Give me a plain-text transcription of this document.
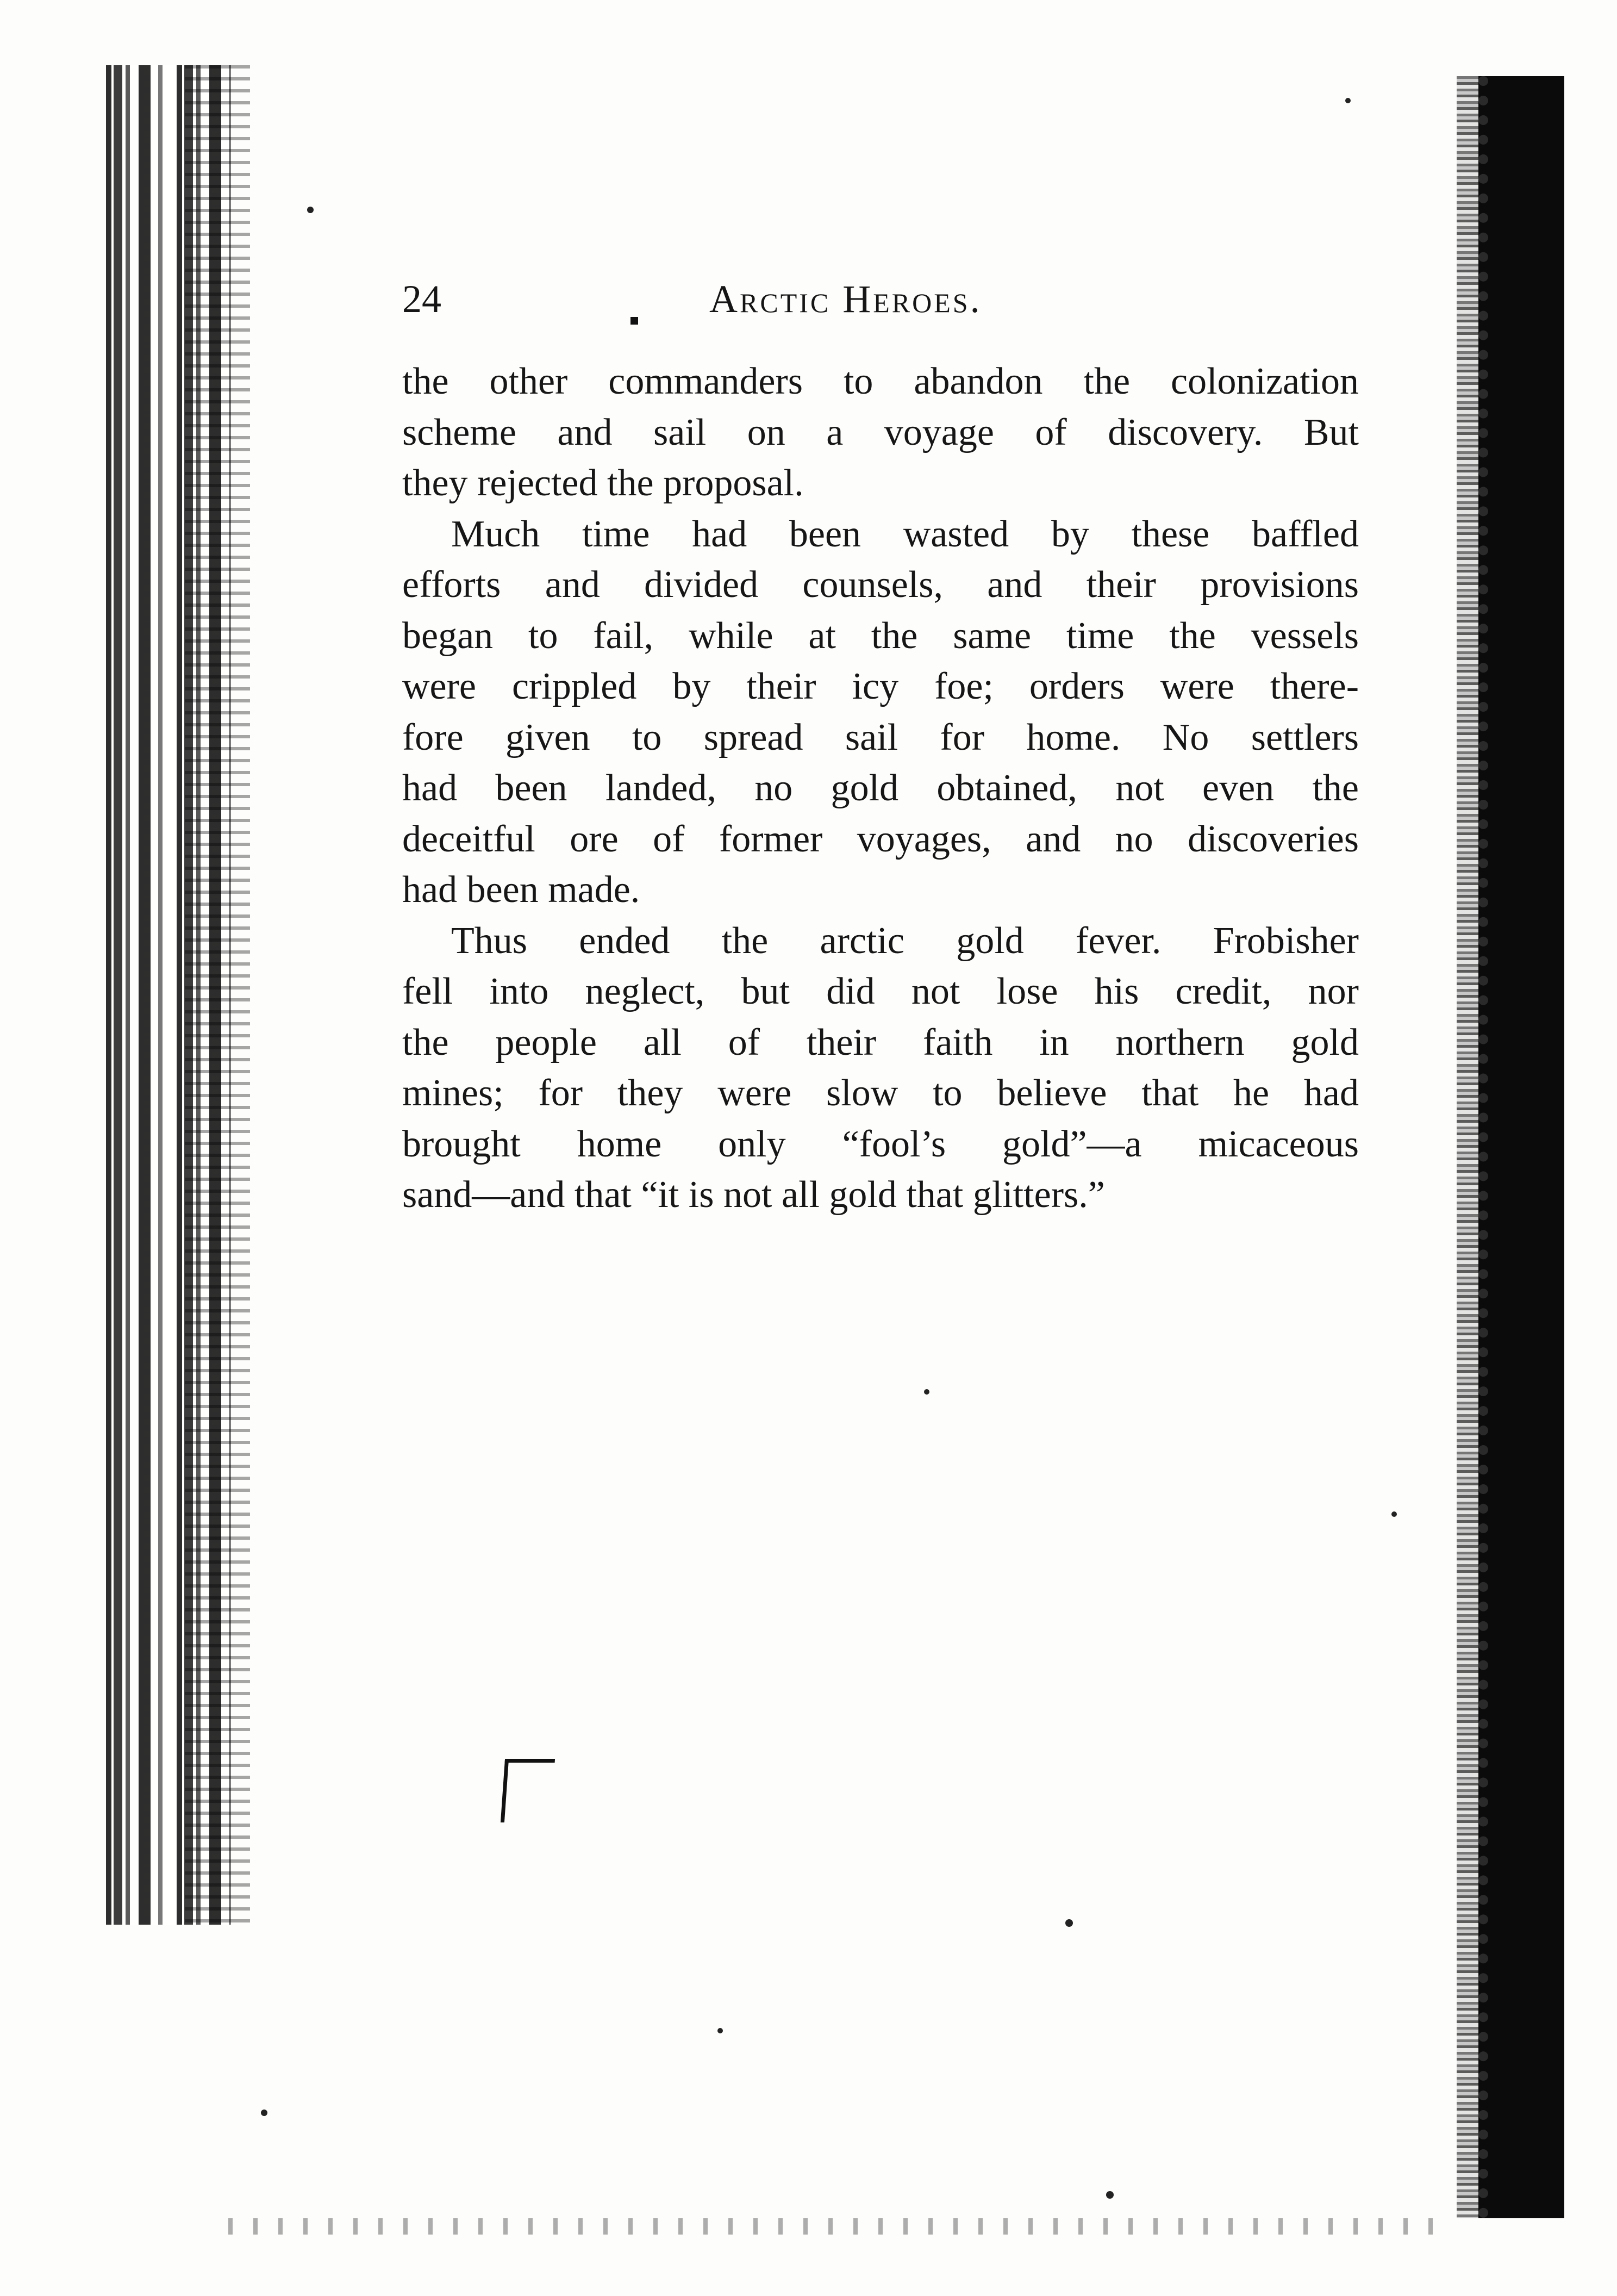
24	Arctic Heroes.

the other commanders to abandon the colonization
scheme and sail on a voyage of discovery. But
they rejected the proposal.

Much time had been wasted by these baffled
efforts and divided counsels, and their provisions
began to fail, while at the same time the vessels
were crippled by their icy foe; orders were there-
fore given to spread sail for home. No settlers
had been landed, no gold obtained, not even the
deceitful ore of former voyages, and no discoveries
had been made.

Thus ended the arctic gold fever. Frobisher
fell into neglect, but did not lose his credit, nor
the people all of their faith in northern gold
mines; for they were slow to believe that he had
brought home only “fool’s gold”—a micaceous
sand—and that “it is not all gold that glitters.”
